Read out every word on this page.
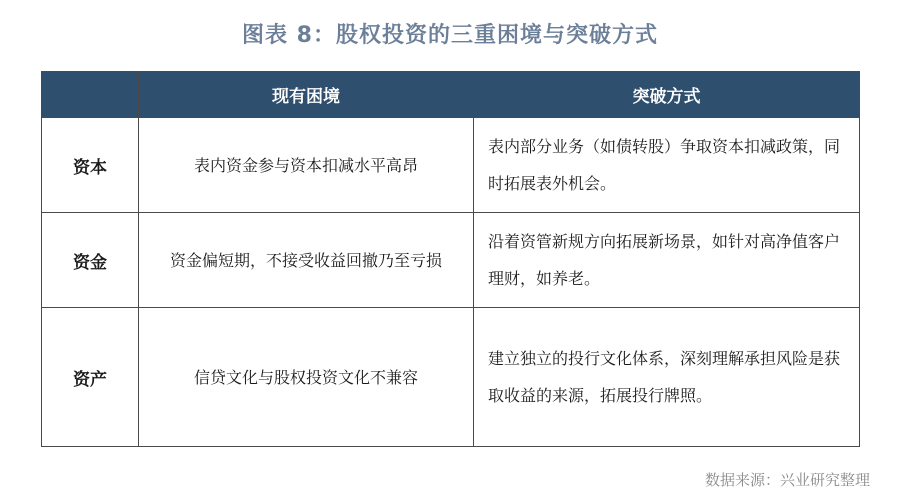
图表 8：股权投资的三重困境与突破方式
	现有困境	突破方式
资本	表内资金参与资本扣减水平高昂	表内部分业务（如债转股）争取资本扣减政策，同时拓展表外机会。
资金	资金偏短期，不接受收益回撤乃至亏损	沿着资管新规方向拓展新场景，如针对高净值客户理财，如养老。
资产	信贷文化与股权投资文化不兼容	建立独立的投行文化体系，深刻理解承担风险是获取收益的来源，拓展投行牌照。
数据来源：兴业研究整理
